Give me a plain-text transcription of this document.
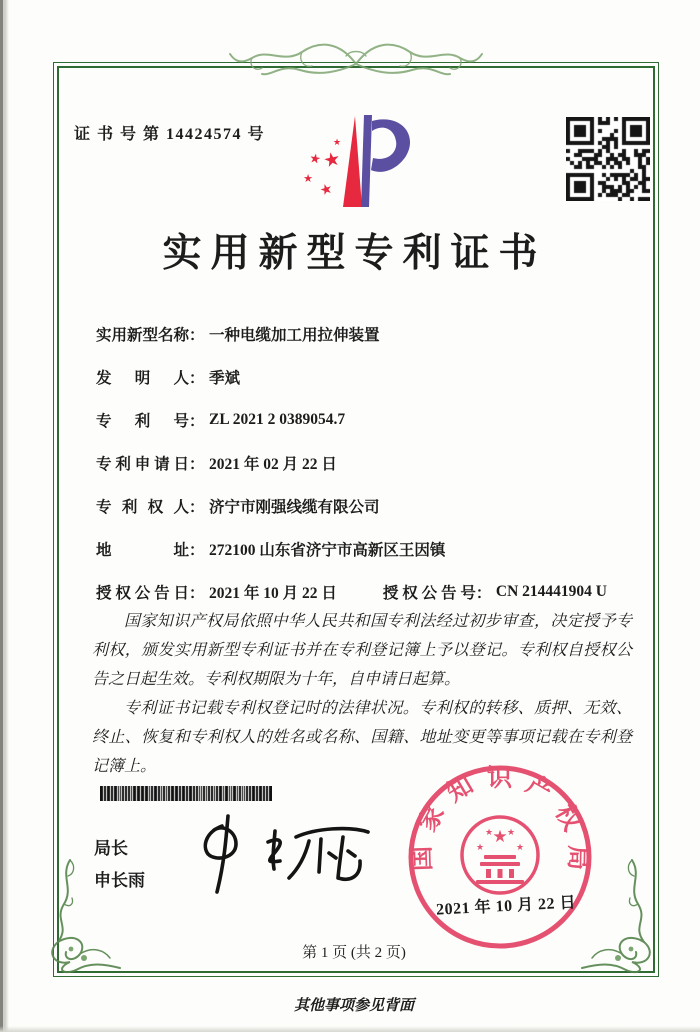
证 书 号 第 14424574 号
★
★
★
★
★
实用新型专利证书
实用新型名称 ： 一种电缆加工用拉伸装置
发明人 ： 季斌
专利号 ： ZL 2021 2 0389054.7
专利申请日 ： 2021 年 02 月 22 日
专利权人 ： 济宁市刚强线缆有限公司
地址 ： 272100 山东省济宁市高新区王因镇
授权公告日 ： 2021 年 10 月 22 日	授权公告号 ： CN 214441904 U

国家知识产权局依照中华人民共和国专利法经过初步审查，决定授予专利权，颁发实用新型专利证书并在专利登记簿上予以登记。专利权自授权公告之日起生效。专利权期限为十年，自申请日起算。

专利证书记载专利权登记时的法律状况。专利权的转移、质押、无效、终止、恢复和专利权人的姓名或名称、国籍、地址变更等事项记载在专利登记簿上。

局长
申长雨
国家知识产权局
★
★
★ ★
★
2021 年 10 月 22 日
第 1 页 (共 2 页)
其他事项参见背面
